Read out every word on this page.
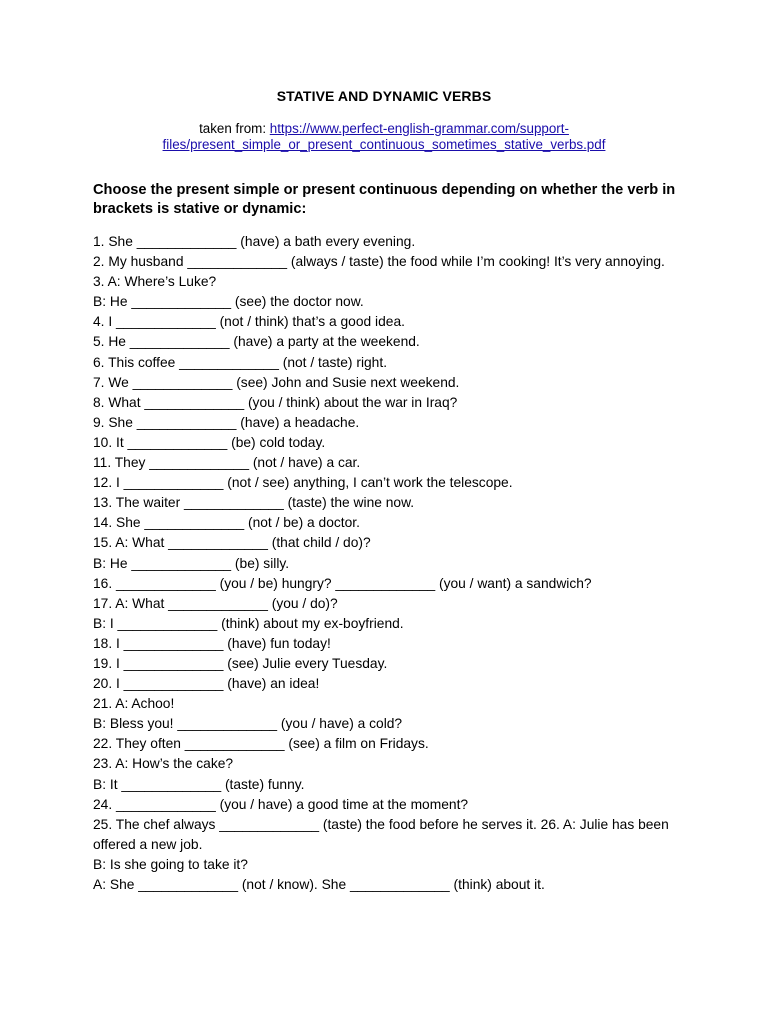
STATIVE AND DYNAMIC VERBS
taken from: https://www.perfect-english-grammar.com/support-
files/present_simple_or_present_continuous_sometimes_stative_verbs.pdf
Choose the present simple or present continuous depending on whether the verb in brackets is stative or dynamic:
1. She _____________ (have) a bath every evening.
2. My husband _____________ (always / taste) the food while I’m cooking! It’s very annoying.
3. A: Where’s Luke?
B: He _____________ (see) the doctor now.
4. I _____________ (not / think) that’s a good idea.
5. He _____________ (have) a party at the weekend.
6. This coffee _____________ (not / taste) right.
7. We _____________ (see) John and Susie next weekend.
8. What _____________ (you / think) about the war in Iraq?
9. She _____________ (have) a headache.
10. It _____________ (be) cold today.
11. They _____________ (not / have) a car.
12. I _____________ (not / see) anything, I can’t work the telescope.
13. The waiter _____________ (taste) the wine now.
14. She _____________ (not / be) a doctor.
15. A: What _____________ (that child / do)?
B: He _____________ (be) silly.
16. _____________ (you / be) hungry? _____________ (you / want) a sandwich?
17. A: What _____________ (you / do)?
B: I _____________ (think) about my ex-boyfriend.
18. I _____________ (have) fun today!
19. I _____________ (see) Julie every Tuesday.
20. I _____________ (have) an idea!
21. A: Achoo!
B: Bless you! _____________ (you / have) a cold?
22. They often _____________ (see) a film on Fridays.
23. A: How’s the cake?
B: It _____________ (taste) funny.
24. _____________ (you / have) a good time at the moment?
25. The chef always _____________ (taste) the food before he serves it. 26. A: Julie has been offered a new job.
B: Is she going to take it?
A: She _____________ (not / know). She _____________ (think) about it.
